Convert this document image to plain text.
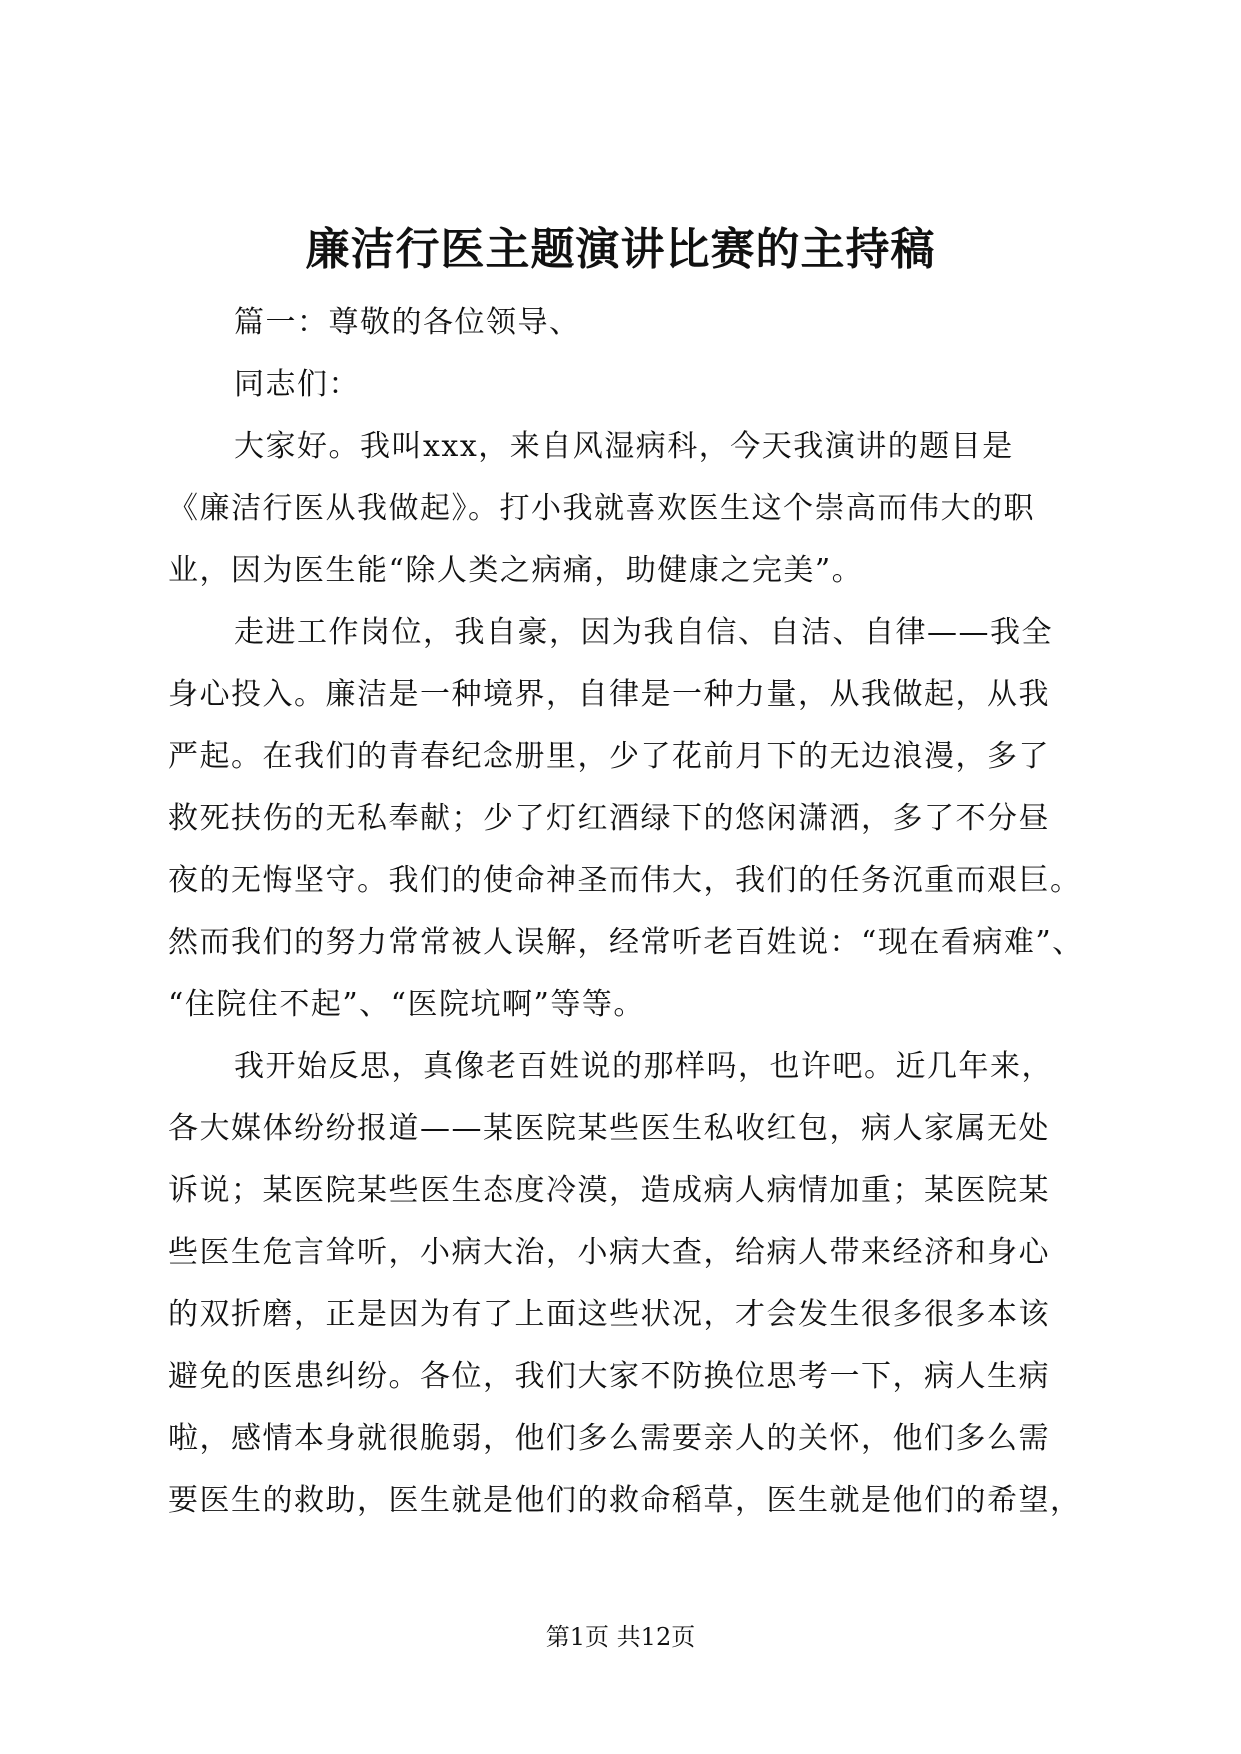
廉洁行医主题演讲比赛的主持稿
篇一：尊敬的各位领导、
同志们：
大家好。我叫xxx，来自风湿病科，今天我演讲的题目是
《廉洁行医从我做起》。打小我就喜欢医生这个崇高而伟大的职
业，因为医生能“除人类之病痛，助健康之完美”。
走进工作岗位，我自豪，因为我自信、自洁、自律——我全
身心投入。廉洁是一种境界，自律是一种力量，从我做起，从我
严起。在我们的青春纪念册里，少了花前月下的无边浪漫，多了
救死扶伤的无私奉献；少了灯红酒绿下的悠闲潇洒，多了不分昼
夜的无悔坚守。我们的使命神圣而伟大，我们的任务沉重而艰巨。
然而我们的努力常常被人误解，经常听老百姓说：“现在看病难”、
“住院住不起”、“医院坑啊”等等。
我开始反思，真像老百姓说的那样吗，也许吧。近几年来，
各大媒体纷纷报道——某医院某些医生私收红包，病人家属无处
诉说；某医院某些医生态度冷漠，造成病人病情加重；某医院某
些医生危言耸听，小病大治，小病大查，给病人带来经济和身心
的双折磨，正是因为有了上面这些状况，才会发生很多很多本该
避免的医患纠纷。各位，我们大家不防换位思考一下，病人生病
啦，感情本身就很脆弱，他们多么需要亲人的关怀，他们多么需
要医生的救助，医生就是他们的救命稻草，医生就是他们的希望，
第1页 共12页
